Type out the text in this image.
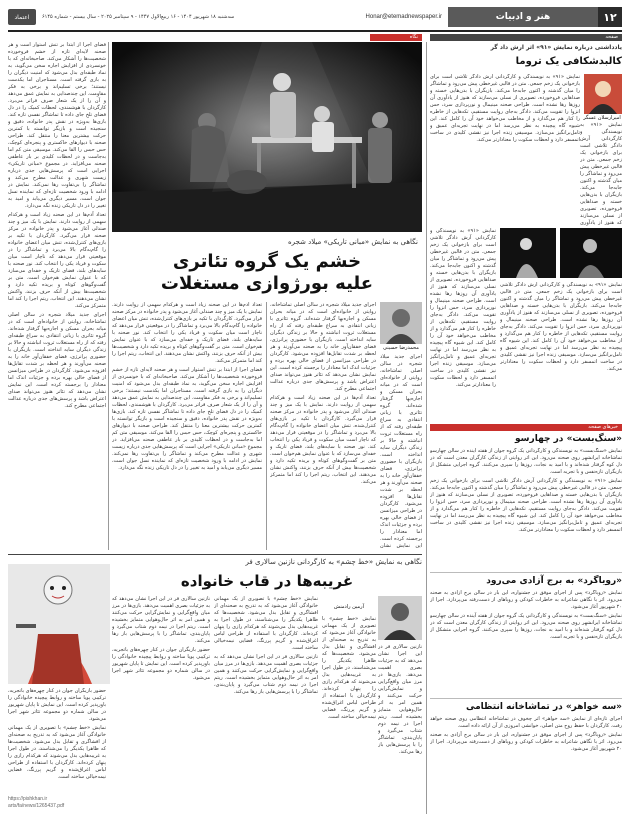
اعتماد	سه‌شنبه ۱۸ شهریور ۱۴۰۴ - ۱۶ ربیع‌الاول ۱۴۴۷ - ۹ سپتامبر ۲۰۲۵ - سال بیستم - شماره ۶۱۴۵	Honar@etemadnewspaper.ir	هنر و ادبیات	۱۲
نگاه	صفحه

فضای اجرا از ابتدا بر تنش استوار است و هر صحنه لایه‌ای تازه از خشم فروخورده شخصیت‌ها را آشکار می‌کند. صاحبخانه‌ای که با خونسردی از افزایش اجاره سخن می‌گوید، به نماد طبقه‌ای بدل می‌شود که امنیت دیگران را به بازی گرفته است. مستاجران اما یکدست نیستند؛ برخی تسلیم‌اند و برخی به فکر مقاومت. این چندصدایی به نمایش عمق می‌دهد و آن را از یک شعار صرف فراتر می‌برد. کارگردان با هوشمندی، لحظات کمیک را در دل فضای تلخ جای داده تا تماشاگر نفسی تازه کند. بازی‌ها به‌ویژه در نقش پدر خانواده، دقیق و سنجیده است و بازیگر توانسته با کمترین حرکت بیشترین معنا را منتقل کند. طراحی صحنه با دیوارهای خاکستری و پنجره‌ای کوچک، حس حبس را القا می‌کند. موسیقی متن کم اما به‌جاست و در لحظات کلیدی بر بار عاطفی صحنه می‌افزاید. در مجموع «مبانی تاریکی» اجرایی است که پرسش‌هایی جدی درباره زیست شهری و عدالت مطرح می‌کند و تماشاگر را بی‌تفاوت رها نمی‌کند. نمایش در ادامه با ورود شخصیت تازه‌ای که نماینده نسل جوان است، مسیر دیگری می‌یابد و امید به تغییر را در دل تاریکی زنده نگه می‌دارد.

تعداد آدم‌ها در این صحنه زیاد است و هرکدام سهمی از روایت دارند. نمایش با یک میز و چند صندلی آغاز می‌شود و پدر خانواده در مرکز صحنه قرار می‌گیرد. کارگردان با تکیه بر بازی‌های کنترل‌شده، تنش میان اعضای خانواده را گام‌به‌گام بالا می‌برد و تماشاگر را در موقعیتی قرار می‌دهد که ناچار است میان سکوت و فریاد یکی را انتخاب کند. نور صحنه با سایه‌های بلند، فضای تاریک و خفه‌ای می‌سازد که با عنوان نمایش هم‌خوان است. متن بر گفت‌وگوهای کوتاه و بریده تکیه دارد و شخصیت‌ها بیش از آنکه حرف بزنند، واکنش نشان می‌دهند. این انتخاب، ریتم اجرا را کند اما متمرکز می‌کند.

اجرای جدید میلاد شجره در سالن اصلی تماشاخانه، روایتی از خانواده‌ای است که در میانه بحران مسکن و اجاره‌بها گرفتار شده‌اند. گروه تئاتری با زبانی انتقادی به سراغ طبقه‌ای رفته که از راه مستغلات ثروت انباشته و حالا بر زندگی دیگران سایه انداخته است. بازیگران با حضوری پرانرژی، فضای خفقان‌آور خانه را به صحنه می‌آورند و هر لحظه بر شدت تقابل‌ها افزوده می‌شود. کارگردان در طراحی میزانسن از فضای خالی بهره برده و جزئیات اندک اما معنادار را برجسته کرده است. این نمایش نشان می‌دهد که تئاتر هنوز می‌تواند صدای اعتراض باشد و پرسش‌های جدی درباره عدالت اجتماعی مطرح کند.

نگاهی به نمایش «مبانی تاریکی» میلاد شجره
خشم یک گروه تئاتری
علیه بورژوازی مستغلات

تعداد آدم‌ها در این صحنه زیاد است و هرکدام سهمی از روایت دارند. نمایش با یک میز و چند صندلی آغاز می‌شود و پدر خانواده در مرکز صحنه قرار می‌گیرد. کارگردان با تکیه بر بازی‌های کنترل‌شده، تنش میان اعضای خانواده را گام‌به‌گام بالا می‌برد و تماشاگر را در موقعیتی قرار می‌دهد که ناچار است میان سکوت و فریاد یکی را انتخاب کند. نور صحنه با سایه‌های بلند، فضای تاریک و خفه‌ای می‌سازد که با عنوان نمایش هم‌خوان است. متن بر گفت‌وگوهای کوتاه و بریده تکیه دارد و شخصیت‌ها بیش از آنکه حرف بزنند، واکنش نشان می‌دهند. این انتخاب، ریتم اجرا را کند اما متمرکز می‌کند.

فضای اجرا از ابتدا بر تنش استوار است و هر صحنه لایه‌ای تازه از خشم فروخورده شخصیت‌ها را آشکار می‌کند. صاحبخانه‌ای که با خونسردی از افزایش اجاره سخن می‌گوید، به نماد طبقه‌ای بدل می‌شود که امنیت دیگران را به بازی گرفته است. مستاجران اما یکدست نیستند؛ برخی تسلیم‌اند و برخی به فکر مقاومت. این چندصدایی به نمایش عمق می‌دهد و آن را از یک شعار صرف فراتر می‌برد. کارگردان با هوشمندی، لحظات کمیک را در دل فضای تلخ جای داده تا تماشاگر نفسی تازه کند. بازی‌ها به‌ویژه در نقش پدر خانواده، دقیق و سنجیده است و بازیگر توانسته با کمترین حرکت بیشترین معنا را منتقل کند. طراحی صحنه با دیوارهای خاکستری و پنجره‌ای کوچک، حس حبس را القا می‌کند. موسیقی متن کم اما به‌جاست و در لحظات کلیدی بر بار عاطفی صحنه می‌افزاید. در مجموع «مبانی تاریکی» اجرایی است که پرسش‌هایی جدی درباره زیست شهری و عدالت مطرح می‌کند و تماشاگر را بی‌تفاوت رها نمی‌کند. نمایش در ادامه با ورود شخصیت تازه‌ای که نماینده نسل جوان است، مسیر دیگری می‌یابد و امید به تغییر را در دل تاریکی زنده نگه می‌دارد.

اجرای جدید میلاد شجره در سالن اصلی تماشاخانه، روایتی از خانواده‌ای است که در میانه بحران مسکن و اجاره‌بها گرفتار شده‌اند. گروه تئاتری با زبانی انتقادی به سراغ طبقه‌ای رفته که از راه مستغلات ثروت انباشته و حالا بر زندگی دیگران سایه انداخته است. بازیگران با حضوری پرانرژی، فضای خفقان‌آور خانه را به صحنه می‌آورند و هر لحظه بر شدت تقابل‌ها افزوده می‌شود. کارگردان در طراحی میزانسن از فضای خالی بهره برده و جزئیات اندک اما معنادار را برجسته کرده است. این نمایش نشان می‌دهد که تئاتر هنوز می‌تواند صدای اعتراض باشد و پرسش‌های جدی درباره عدالت اجتماعی مطرح کند.

تعداد آدم‌ها در این صحنه زیاد است و هرکدام سهمی از روایت دارند. نمایش با یک میز و چند صندلی آغاز می‌شود و پدر خانواده در مرکز صحنه قرار می‌گیرد. کارگردان با تکیه بر بازی‌های کنترل‌شده، تنش میان اعضای خانواده را گام‌به‌گام بالا می‌برد و تماشاگر را در موقعیتی قرار می‌دهد که ناچار است میان سکوت و فریاد یکی را انتخاب کند. نور صحنه با سایه‌های بلند، فضای تاریک و خفه‌ای می‌سازد که با عنوان نمایش هم‌خوان است. متن بر گفت‌وگوهای کوتاه و بریده تکیه دارد و شخصیت‌ها بیش از آنکه حرف بزنند، واکنش نشان می‌دهند. این انتخاب، ریتم اجرا را کند اما متمرکز می‌کند.

محمدرضا حسینی

اجرای جدید میلاد شجره در سالن اصلی تماشاخانه، روایتی از خانواده‌ای است که در میانه بحران مسکن و اجاره‌بها گرفتار شده‌اند. گروه تئاتری با زبانی انتقادی به سراغ طبقه‌ای رفته که از راه مستغلات ثروت انباشته و حالا بر زندگی دیگران سایه انداخته است. بازیگران با حضوری پرانرژی، فضای خفقان‌آور خانه را به صحنه می‌آورند و هر لحظه بر شدت تقابل‌ها افزوده می‌شود. کارگردان در طراحی میزانسن از فضای خالی بهره برده و جزئیات اندک اما معنادار را برجسته کرده است. این نمایش نشان

یادداشتی درباره نمایش «۹۱» اثر ارش داد گر
کالبدشکافی یک تروما
امیرارسلان عسگر

نمایش «۹۱» به نویسندگی و کارگردانی آرش دادگر تلاشی است برای بازخوانی یک زخم جمعی. متن در قالبی غیرخطی پیش می‌رود و تماشاگر را میان گذشته و اکنون جابه‌جا می‌کند. بازیگران با بدن‌هایی خسته و صداهایی فروخورده، تصویری از نسلی می‌سازند که هنوز از یادآوری آن روزها رها نشده است. طراحی صحنه مینیمال و نورپردازی سرد، حس انزوا را تقویت می‌کند. دادگر به‌جای روایت مستقیم، تکه‌هایی از خاطره را کنار هم می‌گذارد و از مخاطب می‌خواهد خود آن را کامل کند. این شیوه گاه پیچیده به نظر می‌رسد اما در نهایت تجربه‌ای عمیق و تامل‌برانگیز می‌سازد. موسیقی زنده اجرا نیز نقشی کلیدی در ساخت اتمسفر دارد و لحظات سکوت را معنادارتر می‌کند.

نمایش «۹۱» به نویسندگی و کارگردانی آرش دادگر تلاشی است برای بازخوانی یک زخم جمعی. متن در قالبی غیرخطی پیش می‌رود و تماشاگر را میان گذشته و اکنون جابه‌جا می‌کند. بازیگران با بدن‌هایی خسته و صداهایی فروخورده، تصویری از نسلی می‌سازند که هنوز از یادآوری

نمایش «۹۱» به نویسندگی و کارگردانی آرش دادگر تلاشی است برای بازخوانی یک زخم جمعی. متن در قالبی غیرخطی پیش می‌رود و تماشاگر را میان گذشته و اکنون جابه‌جا می‌کند. بازیگران با بدن‌هایی خسته و صداهایی فروخورده، تصویری از نسلی می‌سازند که هنوز از یادآوری آن روزها رها نشده است. طراحی صحنه مینیمال و نورپردازی سرد، حس انزوا را تقویت می‌کند. دادگر به‌جای روایت مستقیم، تکه‌هایی از خاطره را کنار هم می‌گذارد و از مخاطب می‌خواهد خود آن را کامل کند. این شیوه گاه پیچیده به نظر می‌رسد اما در نهایت تجربه‌ای عمیق و تامل‌برانگیز می‌سازد. موسیقی زنده اجرا نیز نقشی کلیدی در ساخت اتمسفر دارد و لحظات سکوت را معنادارتر می‌کند.

نمایش «۹۱» به نویسندگی و کارگردانی آرش دادگر تلاشی است برای بازخوانی یک زخم جمعی. متن در قالبی غیرخطی پیش می‌رود و تماشاگر را میان گذشته و اکنون جابه‌جا می‌کند. بازیگران با بدن‌هایی خسته و صداهایی فروخورده، تصویری از نسلی می‌سازند که هنوز از یادآوری آن روزها رها نشده است. طراحی صحنه مینیمال و نورپردازی سرد، حس انزوا را تقویت می‌کند. دادگر به‌جای روایت مستقیم، تکه‌هایی از خاطره را کنار هم می‌گذارد و از مخاطب می‌خواهد خود آن را کامل کند. این شیوه گاه پیچیده به نظر می‌رسد اما در نهایت تجربه‌ای عمیق و تامل‌برانگیز می‌سازد. موسیقی زنده اجرا نیز نقشی کلیدی در ساخت اتمسفر دارد و لحظات سکوت را معنادارتر می‌کند.

خبرهای صفحه
«سنگ‌بست» در چهارسو

نمایش «سنگ‌بست» به نویسندگی و کارگردانی یک گروه جوان از هفته آینده در سالن چهارسو تماشاخانه ایرانشهر روی صحنه می‌رود. این اثر روایتی از زندگی کارگران معدن است که در دل کوه گرفتار شده‌اند و با امید به نجات، روزها را سپری می‌کنند. گروه اجرایی متشکل از بازیگران تازه‌نفس و با تجربه است.

نمایش «۹۱» به نویسندگی و کارگردانی آرش دادگر تلاشی است برای بازخوانی یک زخم جمعی. متن در قالبی غیرخطی پیش می‌رود و تماشاگر را میان گذشته و اکنون جابه‌جا می‌کند. بازیگران با بدن‌هایی خسته و صداهایی فروخورده، تصویری از نسلی می‌سازند که هنوز از یادآوری آن روزها رها نشده است. طراحی صحنه مینیمال و نورپردازی سرد، حس انزوا را تقویت می‌کند. دادگر به‌جای روایت مستقیم، تکه‌هایی از خاطره را کنار هم می‌گذارد و از مخاطب می‌خواهد خود آن را کامل کند. این شیوه گاه پیچیده به نظر می‌رسد اما در نهایت تجربه‌ای عمیق و تامل‌برانگیز می‌سازد. موسیقی زنده اجرا نیز نقشی کلیدی در ساخت اتمسفر دارد و لحظات سکوت را معنادارتر می‌کند.

«رویاگرد» به برج آزادی می‌رود

نمایش «رویاگرد» پس از اجرای موفق در جشنواره، این بار در سالن برج آزادی به صحنه می‌رود. اثر با نگاهی شاعرانه به خاطرات کودکی و رویاهای از دست‌رفته می‌پردازد. اجرا از ۲۰ شهریور آغاز می‌شود.

نمایش «سنگ‌بست» به نویسندگی و کارگردانی یک گروه جوان از هفته آینده در سالن چهارسو تماشاخانه ایرانشهر روی صحنه می‌رود. این اثر روایتی از زندگی کارگران معدن است که در دل کوه گرفتار شده‌اند و با امید به نجات، روزها را سپری می‌کنند. گروه اجرایی متشکل از بازیگران تازه‌نفس و با تجربه است.

«سه خواهر» در تماشاخانه انتظامی

اجرای تازه‌ای از نمایش «سه خواهر» اثر چخوف در تماشاخانه انتظامی روی صحنه خواهد رفت. کارگردان با حفظ روح متن اصلی، خوانشی امروزی از آن ارائه داده است.

نمایش «رویاگرد» پس از اجرای موفق در جشنواره، این بار در سالن برج آزادی به صحنه می‌رود. اثر با نگاهی شاعرانه به خاطرات کودکی و رویاهای از دست‌رفته می‌پردازد. اجرا از ۲۰ شهریور آغاز می‌شود.

نگاهی به نمایش «خط چشم» به کارگردانی نازنین سالاری فر
غریبه‌ها در قاب خانواده

حضور بازیگران جوان در کنار چهره‌های باتجربه، ترکیبی پویا ساخته و روابط پیچیده خانوادگی را باورپذیر کرده است. این نمایش تا پایان شهریور در سالن شماره دو مجموعه تئاتر شهر اجرا می‌شود.

نمایش «خط چشم» با تصویری از یک مهمانی خانوادگی آغاز می‌شود که به تدریج به صحنه‌ای از افشاگری و تقابل بدل می‌شود. شخصیت‌ها که ظاهرا یکدیگر را می‌شناسند، در طول اجرا به غریبه‌هایی بدل می‌شوند که هرکدام رازی را پنهان کرده‌اند. کارگردان با استفاده از طراحی لباس اغراق‌شده و گریم پررنگ، فضایی نیمه‌خیالی ساخته است.

https://pishkhan.ir
arts/fa/news/1265437.pdf

نازنین سالاری فر در این اجرا نشان می‌دهد که به جزئیات بصری اهمیت می‌دهد. بازی‌ها در مرز میان واقع‌گرایی و نمایش‌گرایی حرکت می‌کنند و همین امر به اثر حال‌وهوایی متمایز بخشیده است. ریتم اجرا در نیمه دوم شتاب می‌گیرد و پایان‌بندی، تماشاگر را با پرسش‌هایی باز رها می‌کند.

حضور بازیگران جوان در کنار چهره‌های باتجربه، ترکیبی پویا ساخته و روابط پیچیده خانوادگی را باورپذیر کرده است. این نمایش تا پایان شهریور در سالن شماره دو مجموعه تئاتر شهر اجرا می‌شود.

نمایش «خط چشم» با تصویری از یک مهمانی خانوادگی آغاز می‌شود که به تدریج به صحنه‌ای از افشاگری و تقابل بدل می‌شود. شخصیت‌ها که ظاهرا یکدیگر را می‌شناسند، در طول اجرا به غریبه‌هایی بدل می‌شوند که هرکدام رازی را پنهان کرده‌اند. کارگردان با استفاده از طراحی لباس اغراق‌شده و گریم پررنگ، فضایی نیمه‌خیالی ساخته است.

نازنین سالاری فر در این اجرا نشان می‌دهد که به جزئیات بصری اهمیت می‌دهد. بازی‌ها در مرز میان واقع‌گرایی و نمایش‌گرایی حرکت می‌کنند و همین امر به اثر حال‌وهوایی متمایز بخشیده است. ریتم اجرا در نیمه دوم شتاب می‌گیرد و پایان‌بندی، تماشاگر را با پرسش‌هایی باز رها می‌کند.

آرمین رادمنش

نمایش «خط چشم» با تصویری از یک مهمانی خانوادگی آغاز می‌شود که به تدریج به صحنه‌ای از افشاگری و تقابل بدل می‌شود. شخصیت‌ها که ظاهرا یکدیگر را می‌شناسند، در طول اجرا به غریبه‌هایی بدل می‌شوند که هرکدام رازی را پنهان کرده‌اند. کارگردان با استفاده از طراحی لباس اغراق‌شده و گریم پررنگ، فضایی نیمه‌خیالی ساخته است.

نازنین سالاری فر در این اجرا نشان می‌دهد که به جزئیات بصری اهمیت می‌دهد. بازی‌ها در مرز میان واقع‌گرایی و نمایش‌گرایی حرکت می‌کنند و همین امر به اثر حال‌وهوایی متمایز بخشیده است. ریتم اجرا در نیمه دوم شتاب می‌گیرد و پایان‌بندی، تماشاگر را با پرسش‌هایی باز رها می‌کند.
